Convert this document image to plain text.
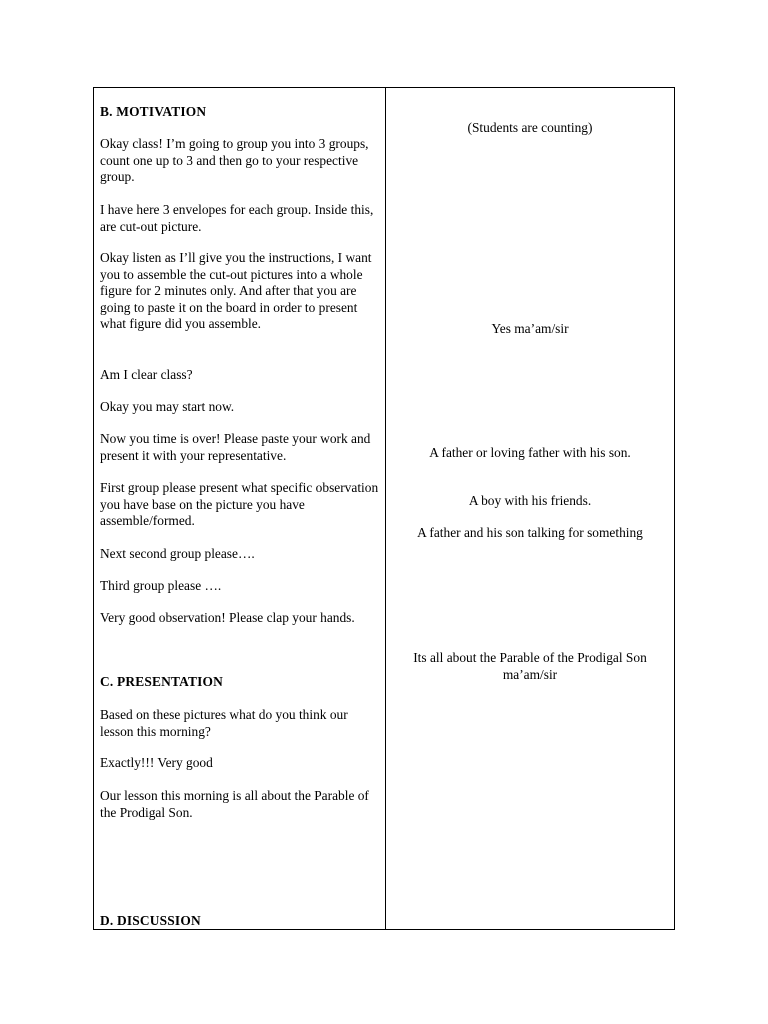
B. MOTIVATION
Okay class! I’m going to group you into 3 groups, count one up to 3 and then go to your respective group.
I have here 3 envelopes for each group. Inside this, are cut-out picture.
Okay listen as I’ll give you the instructions, I want you to assemble the cut-out pictures into a whole figure for 2 minutes only. And after that you are going to paste it on the board in order to present what figure did you assemble.
Am I clear class?
Okay you may start now.
Now you time is over! Please paste your work and present it with your representative.
First group please present what specific observation you have base on the picture you have assemble/formed.
Next second group please….
Third group please ….
Very good observation! Please clap your hands.
C. PRESENTATION
Based on these pictures what do you think our lesson this morning?
Exactly!!! Very good
Our lesson this morning is all about the Parable of the Prodigal Son.
D. DISCUSSION
(Students are counting)
Yes ma’am/sir
A father or loving father with his son.
A boy with his friends.
A father and his son talking for something
Its all about the Parable of the Prodigal Son ma’am/sir
